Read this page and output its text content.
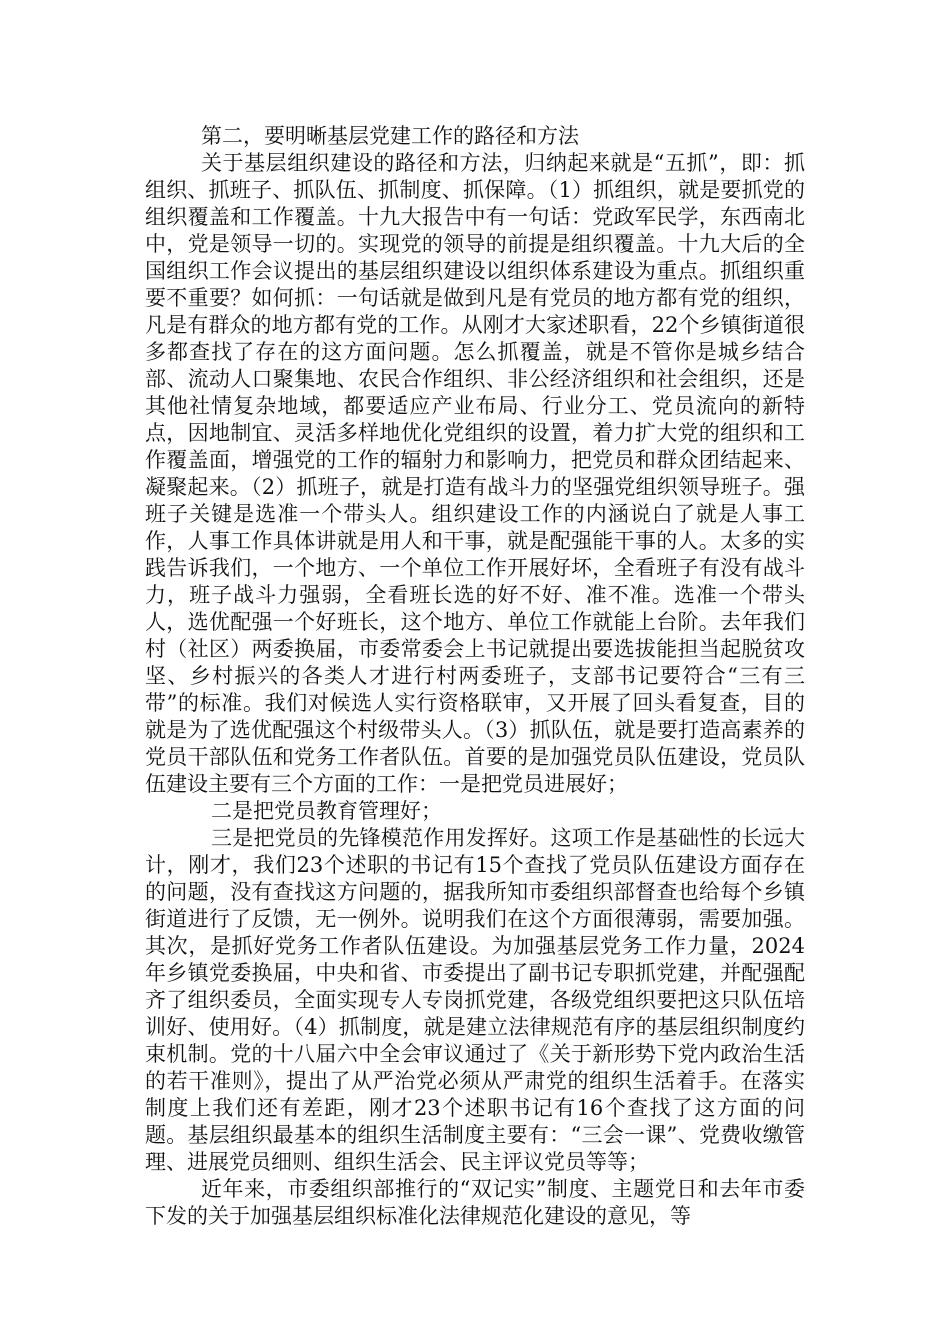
第二，要明晰基层党建工作的路径和方法

关于基层组织建设的路径和方法，归纳起来就是“五抓”，即：抓组织、抓班子、抓队伍、抓制度、抓保障。（1）抓组织，就是要抓党的组织覆盖和工作覆盖。十九大报告中有一句话：党政军民学，东西南北中，党是领导一切的。实现党的领导的前提是组织覆盖。十九大后的全国组织工作会议提出的基层组织建设以组织体系建设为重点。抓组织重要不重要？如何抓：一句话就是做到凡是有党员的地方都有党的组织，凡是有群众的地方都有党的工作。从刚才大家述职看，22个乡镇街道很多都查找了存在的这方面问题。怎么抓覆盖，就是不管你是城乡结合部、流动人口聚集地、农民合作组织、非公经济组织和社会组织，还是其他社情复杂地域，都要适应产业布局、行业分工、党员流向的新特点，因地制宜、灵活多样地优化党组织的设置，着力扩大党的组织和工作覆盖面，增强党的工作的辐射力和影响力，把党员和群众团结起来、凝聚起来。（2）抓班子，就是打造有战斗力的坚强党组织领导班子。强班子关键是选准一个带头人。组织建设工作的内涵说白了就是人事工作，人事工作具体讲就是用人和干事，就是配强能干事的人。太多的实践告诉我们，一个地方、一个单位工作开展好坏，全看班子有没有战斗力，班子战斗力强弱，全看班长选的好不好、准不准。选准一个带头人，选优配强一个好班长，这个地方、单位工作就能上台阶。去年我们村（社区）两委换届，市委常委会上书记就提出要选拔能担当起脱贫攻坚、乡村振兴的各类人才进行村两委班子，支部书记要符合“三有三带”的标准。我们对候选人实行资格联审，又开展了回头看复查，目的就是为了选优配强这个村级带头人。（3）抓队伍，就是要打造高素养的党员干部队伍和党务工作者队伍。首要的是加强党员队伍建设，党员队伍建设主要有三个方面的工作：一是把党员进展好；

二是把党员教育管理好；

三是把党员的先锋模范作用发挥好。这项工作是基础性的长远大计，刚才，我们23个述职的书记有15个查找了党员队伍建设方面存在的问题，没有查找这方问题的，据我所知市委组织部督查也给每个乡镇街道进行了反馈，无一例外。说明我们在这个方面很薄弱，需要加强。其次，是抓好党务工作者队伍建设。为加强基层党务工作力量，2024年乡镇党委换届，中央和省、市委提出了副书记专职抓党建，并配强配齐了组织委员，全面实现专人专岗抓党建，各级党组织要把这只队伍培训好、使用好。（4）抓制度，就是建立法律规范有序的基层组织制度约束机制。党的十八届六中全会审议通过了《关于新形势下党内政治生活的若干准则》，提出了从严治党必须从严肃党的组织生活着手。在落实制度上我们还有差距，刚才23个述职书记有16个查找了这方面的问题。基层组织最基本的组织生活制度主要有：“三会一课”、党费收缴管理、进展党员细则、组织生活会、民主评议党员等等；

近年来，市委组织部推行的“双记实”制度、主题党日和去年市委下发的关于加强基层组织标准化法律规范化建设的意见，等
